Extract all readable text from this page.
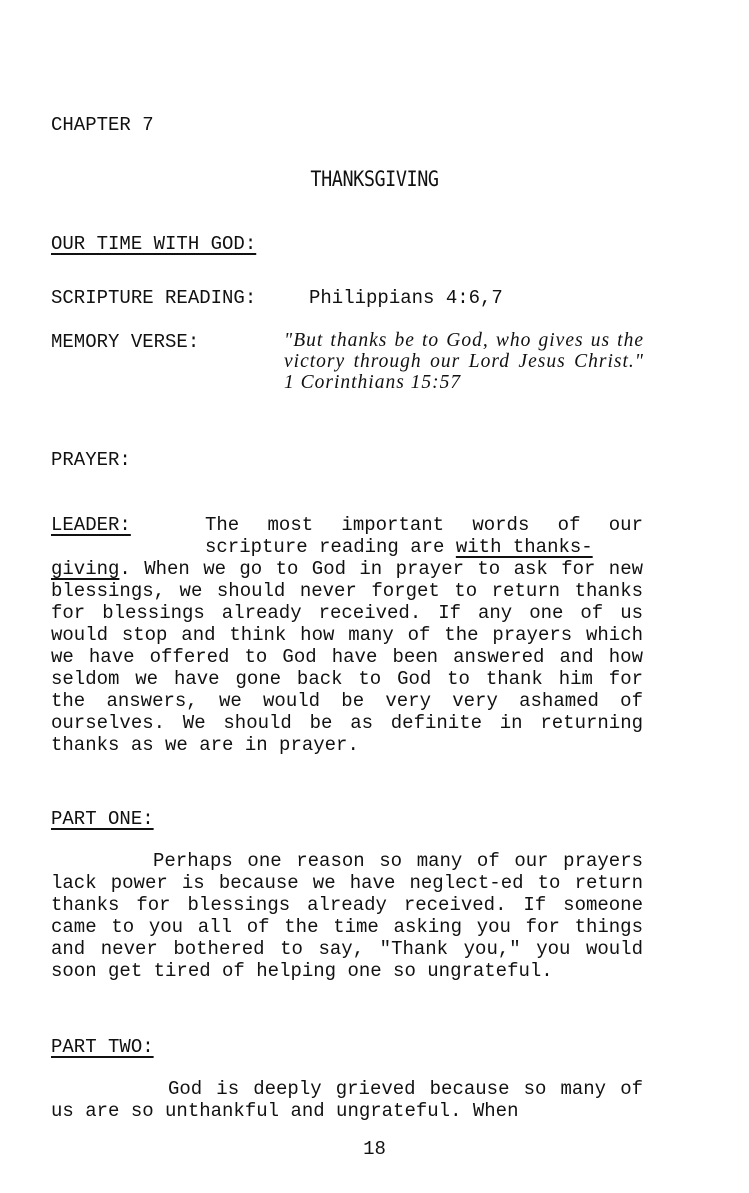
CHAPTER 7
THANKSGIVING
OUR TIME WITH GOD:
SCRIPTURE READING:	Philippians 4:6,7
MEMORY VERSE:	"But thanks be to God, who gives us the victory through our Lord Jesus Christ." 1 Corinthians 15:57
PRAYER:
LEADER:	The most important words of our scripture reading are with thanks-
giving. When we go to God in prayer to ask for new blessings, we should never forget to return thanks for blessings already received. If any one of us would stop and think how many of the prayers which we have offered to God have been answered and how seldom we have gone back to God to thank him for the answers, we would be very very ashamed of ourselves. We should be as definite in returning thanks as we are in prayer.
PART ONE:
Perhaps one reason so many of our prayers lack power is because we have neglect-ed to return thanks for blessings already received. If someone came to you all of the time asking you for things and never bothered to say, "Thank you," you would soon get tired of helping one so ungrateful.
PART TWO:
God is deeply grieved because so many of us are so unthankful and ungrateful. When
18
